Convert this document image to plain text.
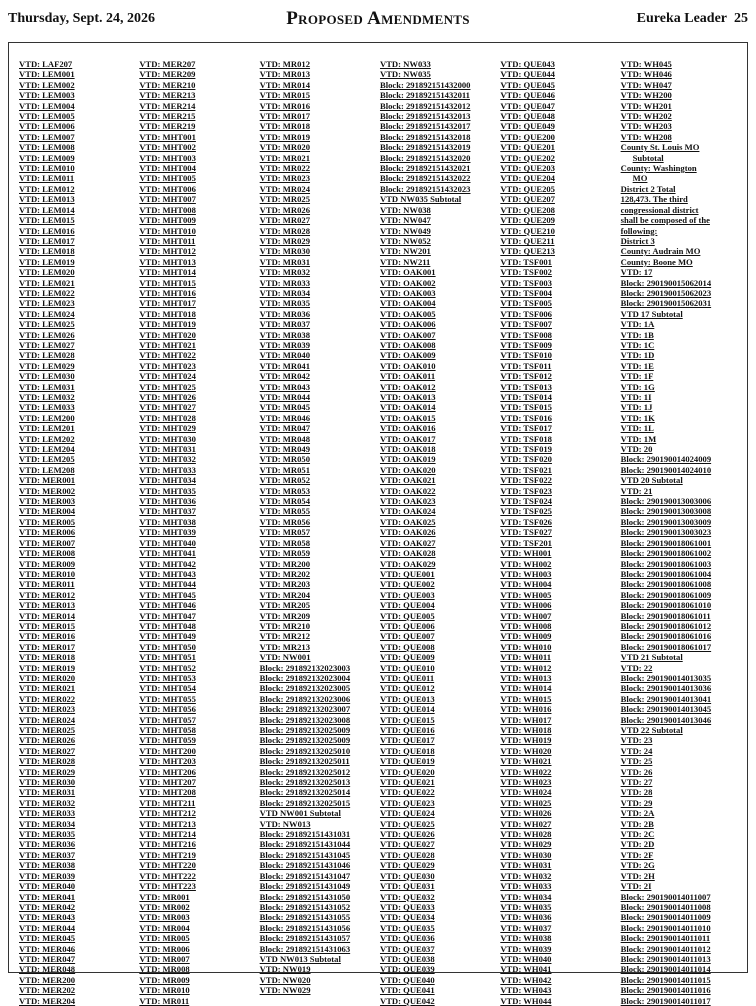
Thursday, Sept. 24, 2026	Proposed Amendments	Eureka Leader 25
VTD: LAF207
VTD: LEM001
VTD: LEM002
VTD: LEM003
VTD: LEM004
VTD: LEM005
VTD: LEM006
VTD: LEM007
VTD: LEM008
VTD: LEM009
VTD: LEM010
VTD: LEM011
VTD: LEM012
VTD: LEM013
VTD: LEM014
VTD: LEM015
VTD: LEM016
VTD: LEM017
VTD: LEM018
VTD: LEM019
VTD: LEM020
VTD: LEM021
VTD: LEM022
VTD: LEM023
VTD: LEM024
VTD: LEM025
VTD: LEM026
VTD: LEM027
VTD: LEM028
VTD: LEM029
VTD: LEM030
VTD: LEM031
VTD: LEM032
VTD: LEM033
VTD: LEM200
VTD: LEM201
VTD: LEM202
VTD: LEM204
VTD: LEM205
VTD: LEM208
VTD: MER001
VTD: MER002
VTD: MER003
VTD: MER004
VTD: MER005
VTD: MER006
VTD: MER007
VTD: MER008
VTD: MER009
VTD: MER010
VTD: MER011
VTD: MER012
VTD: MER013
VTD: MER014
VTD: MER015
VTD: MER016
VTD: MER017
VTD: MER018
VTD: MER019
VTD: MER020
VTD: MER021
VTD: MER022
VTD: MER023
VTD: MER024
VTD: MER025
VTD: MER026
VTD: MER027
VTD: MER028
VTD: MER029
VTD: MER030
VTD: MER031
VTD: MER032
VTD: MER033
VTD: MER034
VTD: MER035
VTD: MER036
VTD: MER037
VTD: MER038
VTD: MER039
VTD: MER040
VTD: MER041
VTD: MER042
VTD: MER043
VTD: MER044
VTD: MER045
VTD: MER046
VTD: MER047
VTD: MER048
VTD: MER200
VTD: MER202
VTD: MER204
VTD: MER207
VTD: MER209
VTD: MER210
VTD: MER213
VTD: MER214
VTD: MER215
VTD: MER219
VTD: MHT001
VTD: MHT002
VTD: MHT003
VTD: MHT004
VTD: MHT005
VTD: MHT006
VTD: MHT007
VTD: MHT008
VTD: MHT009
VTD: MHT010
VTD: MHT011
VTD: MHT012
VTD: MHT013
VTD: MHT014
VTD: MHT015
VTD: MHT016
VTD: MHT017
VTD: MHT018
VTD: MHT019
VTD: MHT020
VTD: MHT021
VTD: MHT022
VTD: MHT023
VTD: MHT024
VTD: MHT025
VTD: MHT026
VTD: MHT027
VTD: MHT028
VTD: MHT029
VTD: MHT030
VTD: MHT031
VTD: MHT032
VTD: MHT033
VTD: MHT034
VTD: MHT035
VTD: MHT036
VTD: MHT037
VTD: MHT038
VTD: MHT039
VTD: MHT040
VTD: MHT041
VTD: MHT042
VTD: MHT043
VTD: MHT044
VTD: MHT045
VTD: MHT046
VTD: MHT047
VTD: MHT048
VTD: MHT049
VTD: MHT050
VTD: MHT051
VTD: MHT052
VTD: MHT053
VTD: MHT054
VTD: MHT055
VTD: MHT056
VTD: MHT057
VTD: MHT058
VTD: MHT059
VTD: MHT200
VTD: MHT203
VTD: MHT206
VTD: MHT207
VTD: MHT208
VTD: MHT211
VTD: MHT212
VTD: MHT213
VTD: MHT214
VTD: MHT216
VTD: MHT219
VTD: MHT220
VTD: MHT222
VTD: MHT223
VTD: MR001
VTD: MR002
VTD: MR003
VTD: MR004
VTD: MR005
VTD: MR006
VTD: MR007
VTD: MR008
VTD: MR009
VTD: MR010
VTD: MR011
VTD: MR012
VTD: MR013
VTD: MR014
VTD: MR015
VTD: MR016
VTD: MR017
VTD: MR018
VTD: MR019
VTD: MR020
VTD: MR021
VTD: MR022
VTD: MR023
VTD: MR024
VTD: MR025
VTD: MR026
VTD: MR027
VTD: MR028
VTD: MR029
VTD: MR030
VTD: MR031
VTD: MR032
VTD: MR033
VTD: MR034
VTD: MR035
VTD: MR036
VTD: MR037
VTD: MR038
VTD: MR039
VTD: MR040
VTD: MR041
VTD: MR042
VTD: MR043
VTD: MR044
VTD: MR045
VTD: MR046
VTD: MR047
VTD: MR048
VTD: MR049
VTD: MR050
VTD: MR051
VTD: MR052
VTD: MR053
VTD: MR054
VTD: MR055
VTD: MR056
VTD: MR057
VTD: MR058
VTD: MR059
VTD: MR200
VTD: MR202
VTD: MR203
VTD: MR204
VTD: MR205
VTD: MR209
VTD: MR210
VTD: MR212
VTD: MR213
VTD: NW001
Block: 291892132023003
Block: 291892132023004
Block: 291892132023005
Block: 291892132023006
Block: 291892132023007
Block: 291892132023008
Block: 291892132025009
Block: 291892132025009
Block: 291892132025010
Block: 291892132025011
Block: 291892132025012
Block: 291892132025013
Block: 291892132025014
Block: 291892132025015
VTD NW001 Subtotal
VTD: NW013
Block: 291892151431031
Block: 291892151431044
Block: 291892151431045
Block: 291892151431046
Block: 291892151431047
Block: 291892151431049
Block: 291892151431050
Block: 291892151431052
Block: 291892151431055
Block: 291892151431056
Block: 291892151431057
Block: 291892151431063
VTD NW013 Subtotal
VTD: NW019
VTD: NW020
VTD: NW029
VTD: NW033
VTD: NW035
Block: 291892151432000
Block: 291892151432011
Block: 291892151432012
Block: 291892151432013
Block: 291892151432017
Block: 291892151432018
Block: 291892151432019
Block: 291892151432020
Block: 291892151432021
Block: 291892151432022
Block: 291892151432023
VTD NW035 Subtotal
VTD: NW038
VTD: NW047
VTD: NW049
VTD: NW052
VTD: NW201
VTD: NW211
VTD: OAK001
VTD: OAK002
VTD: OAK003
VTD: OAK004
VTD: OAK005
VTD: OAK006
VTD: OAK007
VTD: OAK008
VTD: OAK009
VTD: OAK010
VTD: OAK011
VTD: OAK012
VTD: OAK013
VTD: OAK014
VTD: OAK015
VTD: OAK016
VTD: OAK017
VTD: OAK018
VTD: OAK019
VTD: OAK020
VTD: OAK021
VTD: OAK022
VTD: OAK023
VTD: OAK024
VTD: OAK025
VTD: OAK026
VTD: OAK027
VTD: OAK028
VTD: OAK029
VTD: QUE001
VTD: QUE002
VTD: QUE003
VTD: QUE004
VTD: QUE005
VTD: QUE006
VTD: QUE007
VTD: QUE008
VTD: QUE009
VTD: QUE010
VTD: QUE011
VTD: QUE012
VTD: QUE013
VTD: QUE014
VTD: QUE015
VTD: QUE016
VTD: QUE017
VTD: QUE018
VTD: QUE019
VTD: QUE020
VTD: QUE021
VTD: QUE022
VTD: QUE023
VTD: QUE024
VTD: QUE025
VTD: QUE026
VTD: QUE027
VTD: QUE028
VTD: QUE029
VTD: QUE030
VTD: QUE031
VTD: QUE032
VTD: QUE033
VTD: QUE034
VTD: QUE035
VTD: QUE036
VTD: QUE037
VTD: QUE038
VTD: QUE039
VTD: QUE040
VTD: QUE041
VTD: QUE042
VTD: QUE043
VTD: QUE044
VTD: QUE045
VTD: QUE046
VTD: QUE047
VTD: QUE048
VTD: QUE049
VTD: QUE200
VTD: QUE201
VTD: QUE202
VTD: QUE203
VTD: QUE204
VTD: QUE205
VTD: QUE207
VTD: QUE208
VTD: QUE209
VTD: QUE210
VTD: QUE211
VTD: QUE213
VTD: TSF001
VTD: TSF002
VTD: TSF003
VTD: TSF004
VTD: TSF005
VTD: TSF006
VTD: TSF007
VTD: TSF008
VTD: TSF009
VTD: TSF010
VTD: TSF011
VTD: TSF012
VTD: TSF013
VTD: TSF014
VTD: TSF015
VTD: TSF016
VTD: TSF017
VTD: TSF018
VTD: TSF019
VTD: TSF020
VTD: TSF021
VTD: TSF022
VTD: TSF023
VTD: TSF024
VTD: TSF025
VTD: TSF026
VTD: TSF027
VTD: TSF201
VTD: WH001
VTD: WH002
VTD: WH003
VTD: WH004
VTD: WH005
VTD: WH006
VTD: WH007
VTD: WH008
VTD: WH009
VTD: WH010
VTD: WH011
VTD: WH012
VTD: WH013
VTD: WH014
VTD: WH015
VTD: WH016
VTD: WH017
VTD: WH018
VTD: WH019
VTD: WH020
VTD: WH021
VTD: WH022
VTD: WH023
VTD: WH024
VTD: WH025
VTD: WH026
VTD: WH027
VTD: WH028
VTD: WH029
VTD: WH030
VTD: WH031
VTD: WH032
VTD: WH033
VTD: WH034
VTD: WH035
VTD: WH036
VTD: WH037
VTD: WH038
VTD: WH039
VTD: WH040
VTD: WH041
VTD: WH042
VTD: WH043
VTD: WH044
VTD: WH045
VTD: WH046
VTD: WH047
VTD: WH200
VTD: WH201
VTD: WH202
VTD: WH203
VTD: WH208
County St. Louis MO
Subtotal
County: Washington
MO
District 2 Total
128,473. The third
congressional district
shall be composed of the
following:
District 3
County: Audrain MO
County: Boone MO
VTD: 17
Block: 290190015062014
Block: 290190015062023
Block: 290190015062031
VTD 17 Subtotal
VTD: 1A
VTD: 1B
VTD: 1C
VTD: 1D
VTD: 1E
VTD: 1F
VTD: 1G
VTD: 1I
VTD: 1J
VTD: 1K
VTD: 1L
VTD: 1M
VTD: 20
Block: 290190014024009
Block: 290190014024010
VTD 20 Subtotal
VTD: 21
Block: 290190013003006
Block: 290190013003008
Block: 290190013003009
Block: 290190013003023
Block: 290190018061001
Block: 290190018061002
Block: 290190018061003
Block: 290190018061004
Block: 290190018061008
Block: 290190018061009
Block: 290190018061010
Block: 290190018061011
Block: 290190018061012
Block: 290190018061016
Block: 290190018061017
VTD 21 Subtotal
VTD: 22
Block: 290190014013035
Block: 290190014013036
Block: 290190014013041
Block: 290190014013045
Block: 290190014013046
VTD 22 Subtotal
VTD: 23
VTD: 24
VTD: 25
VTD: 26
VTD: 27
VTD: 28
VTD: 29
VTD: 2A
VTD: 2B
VTD: 2C
VTD: 2D
VTD: 2F
VTD: 2G
VTD: 2H
VTD: 2I
Block: 290190014011007
Block: 290190014011008
Block: 290190014011009
Block: 290190014011010
Block: 290190014011011
Block: 290190014011012
Block: 290190014011013
Block: 290190014011014
Block: 290190014011015
Block: 290190014011016
Block: 290190014011017
